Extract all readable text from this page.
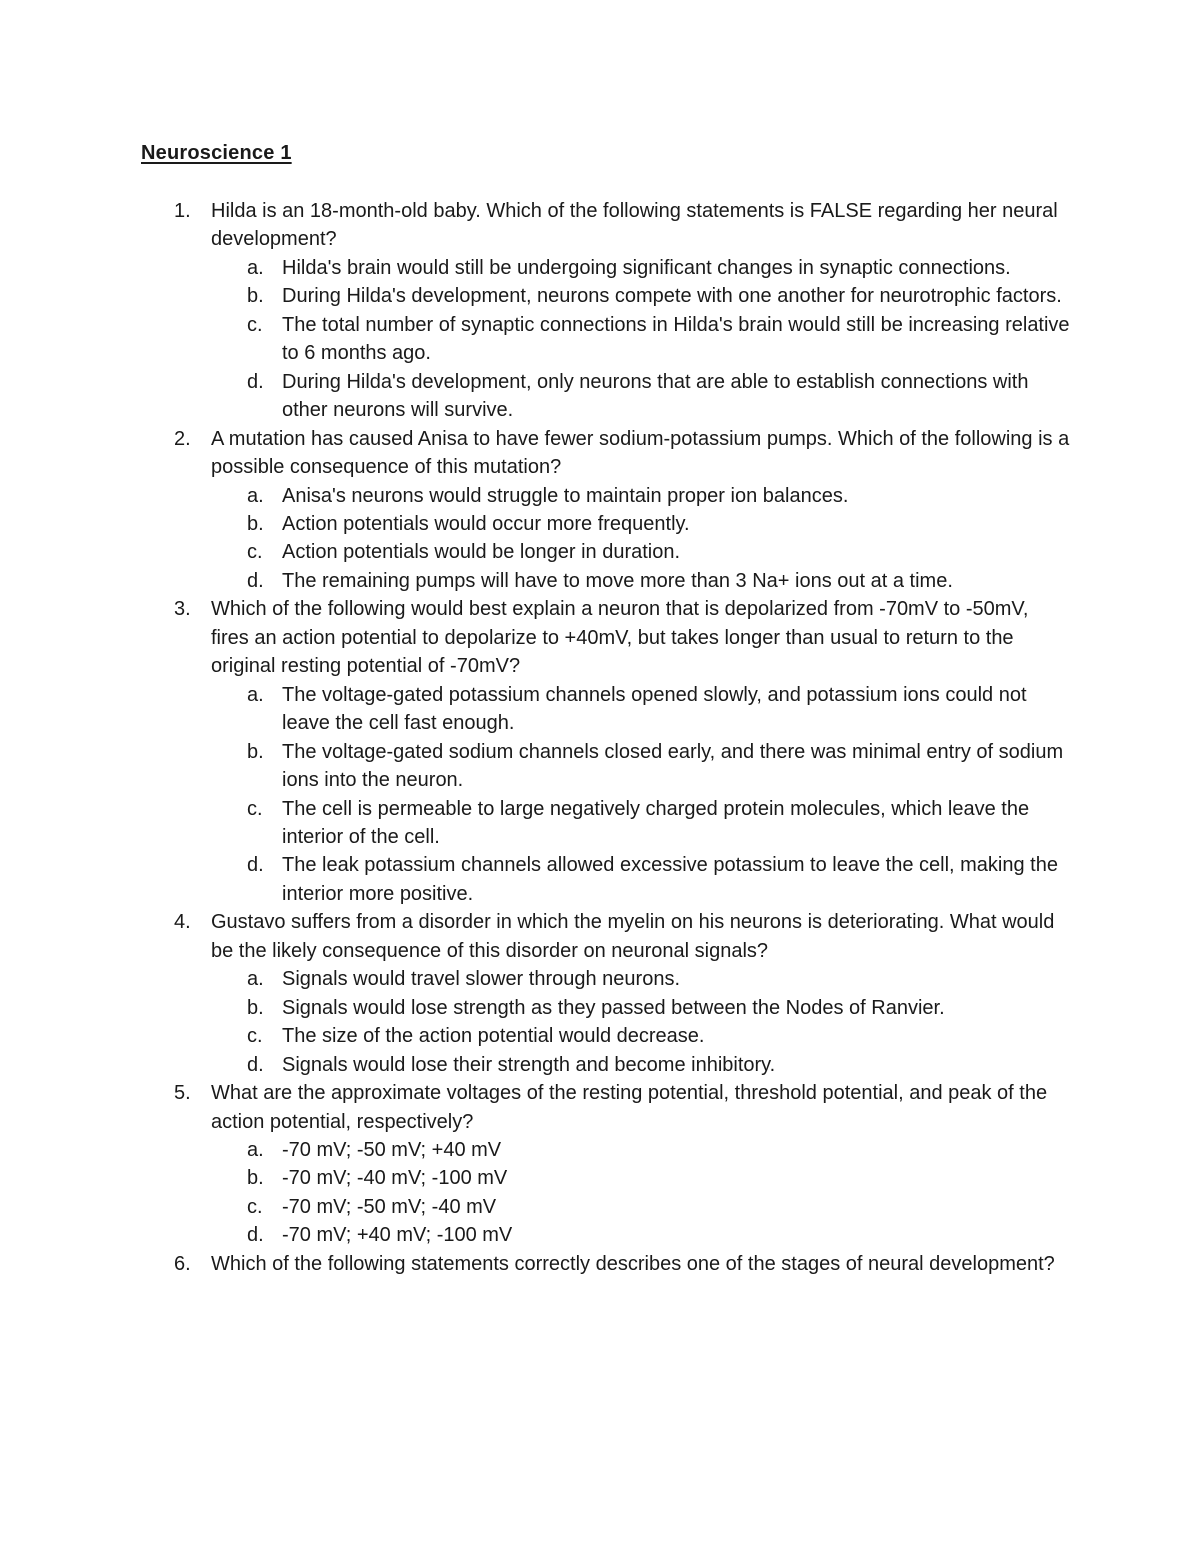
Neuroscience 1
1. Hilda is an 18-month-old baby. Which of the following statements is FALSE regarding her neural development?
a. Hilda's brain would still be undergoing significant changes in synaptic connections.
b. During Hilda's development, neurons compete with one another for neurotrophic factors.
c. The total number of synaptic connections in Hilda's brain would still be increasing relative to 6 months ago.
d. During Hilda's development, only neurons that are able to establish connections with other neurons will survive.
2. A mutation has caused Anisa to have fewer sodium-potassium pumps. Which of the following is a possible consequence of this mutation?
a. Anisa's neurons would struggle to maintain proper ion balances.
b. Action potentials would occur more frequently.
c. Action potentials would be longer in duration.
d. The remaining pumps will have to move more than 3 Na+ ions out at a time.
3. Which of the following would best explain a neuron that is depolarized from -70mV to -50mV, fires an action potential to depolarize to +40mV, but takes longer than usual to return to the original resting potential of -70mV?
a. The voltage-gated potassium channels opened slowly, and potassium ions could not leave the cell fast enough.
b. The voltage-gated sodium channels closed early, and there was minimal entry of sodium ions into the neuron.
c. The cell is permeable to large negatively charged protein molecules, which leave the interior of the cell.
d. The leak potassium channels allowed excessive potassium to leave the cell, making the interior more positive.
4. Gustavo suffers from a disorder in which the myelin on his neurons is deteriorating. What would be the likely consequence of this disorder on neuronal signals?
a. Signals would travel slower through neurons.
b. Signals would lose strength as they passed between the Nodes of Ranvier.
c. The size of the action potential would decrease.
d. Signals would lose their strength and become inhibitory.
5. What are the approximate voltages of the resting potential, threshold potential, and peak of the action potential, respectively?
a. -70 mV; -50 mV; +40 mV
b. -70 mV; -40 mV; -100 mV
c. -70 mV; -50 mV; -40 mV
d. -70 mV; +40 mV; -100 mV
6. Which of the following statements correctly describes one of the stages of neural development?
